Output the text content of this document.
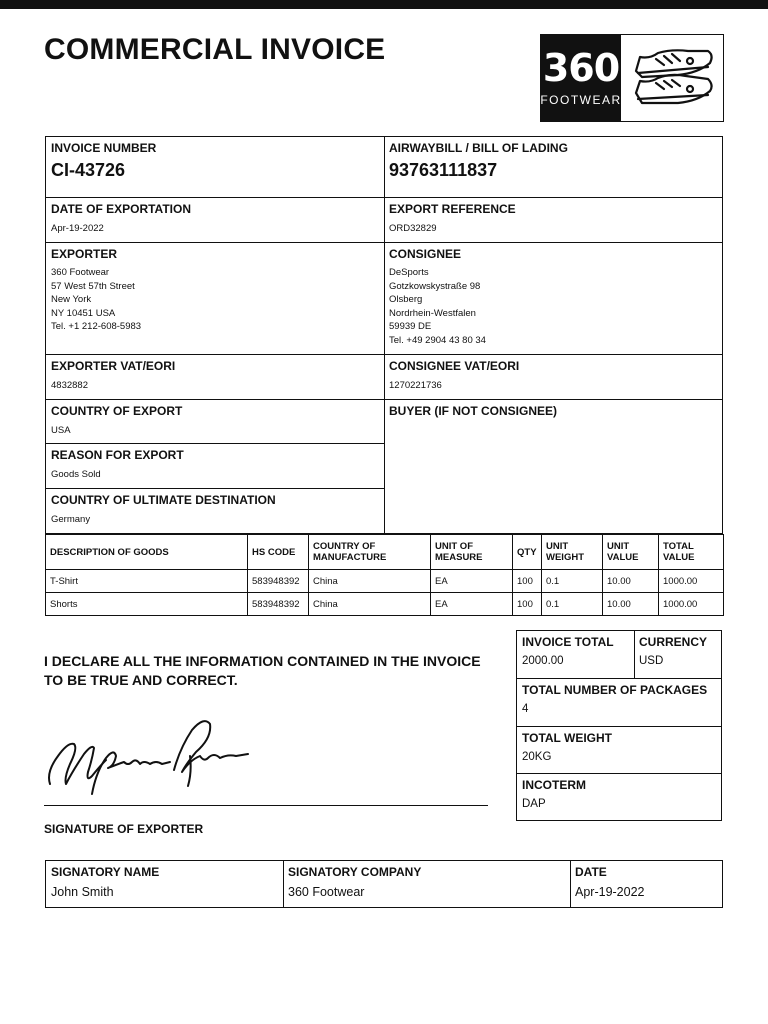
COMMERCIAL INVOICE	360
FOOTWEAR
INVOICE NUMBER
CI-43726
AIRWAYBILL / BILL OF LADING
93763111837
DATE OF EXPORTATION
Apr-19-2022
EXPORT REFERENCE
ORD32829
EXPORTER
360 Footwear
57 West 57th Street
New York
NY 10451 USA
Tel. +1 212-608-5983
CONSIGNEE
DeSports
Gotzkowskystraße 98
Olsberg
Nordrhein-Westfalen
59939 DE
Tel. +49 2904 43 80 34
EXPORTER VAT/EORI
4832882
CONSIGNEE VAT/EORI
1270221736
COUNTRY OF EXPORT
USA
BUYER (IF NOT CONSIGNEE)
REASON FOR EXPORT
Goods Sold
COUNTRY OF ULTIMATE DESTINATION
Germany
DESCRIPTION OF GOODS	HS CODE	COUNTRY OF MANUFACTURE	UNIT OF MEASURE	QTY	UNIT WEIGHT	UNIT VALUE	TOTAL VALUE
T-Shirt	583948392	China	EA	100	0.1	10.00	1000.00
Shorts	583948392	China	EA	100	0.1	10.00	1000.00
I DECLARE ALL THE INFORMATION CONTAINED IN THE INVOICE TO BE TRUE AND CORRECT.
SIGNATURE OF EXPORTER
INVOICE TOTAL
2000.00
CURRENCY
USD
TOTAL NUMBER OF PACKAGES
4
TOTAL WEIGHT
20KG
INCOTERM
DAP
SIGNATORY NAME
John Smith
SIGNATORY COMPANY
360 Footwear
DATE
Apr-19-2022
